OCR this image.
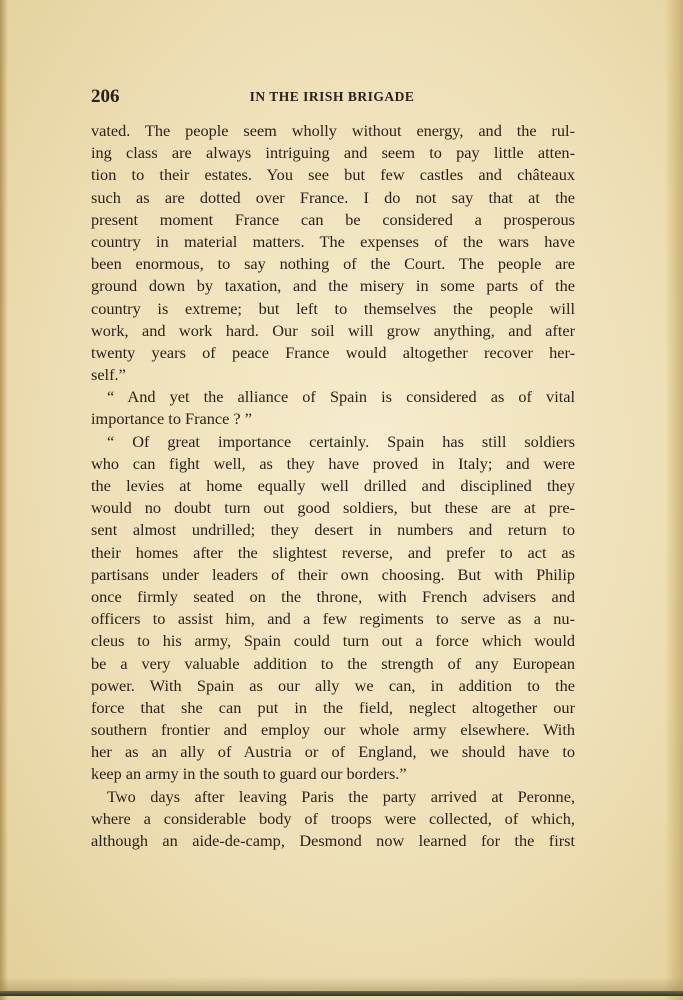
206	IN THE IRISH BRIGADE
vated. The people seem wholly without energy, and the rul-
ing class are always intriguing and seem to pay little atten-
tion to their estates. You see but few castles and châteaux
such as are dotted over France. I do not say that at the
present moment France can be considered a prosperous
country in material matters. The expenses of the wars have
been enormous, to say nothing of the Court. The people are
ground down by taxation, and the misery in some parts of the
country is extreme; but left to themselves the people will
work, and work hard. Our soil will grow anything, and after
twenty years of peace France would altogether recover her-
self.”
“ And yet the alliance of Spain is considered as of vital
importance to France ? ”
“ Of great importance certainly. Spain has still soldiers
who can fight well, as they have proved in Italy; and were
the levies at home equally well drilled and disciplined they
would no doubt turn out good soldiers, but these are at pre-
sent almost undrilled; they desert in numbers and return to
their homes after the slightest reverse, and prefer to act as
partisans under leaders of their own choosing. But with Philip
once firmly seated on the throne, with French advisers and
officers to assist him, and a few regiments to serve as a nu-
cleus to his army, Spain could turn out a force which would
be a very valuable addition to the strength of any European
power. With Spain as our ally we can, in addition to the
force that she can put in the field, neglect altogether our
southern frontier and employ our whole army elsewhere. With
her as an ally of Austria or of England, we should have to
keep an army in the south to guard our borders.”
Two days after leaving Paris the party arrived at Peronne,
where a considerable body of troops were collected, of which,
although an aide-de-camp, Desmond now learned for the first
